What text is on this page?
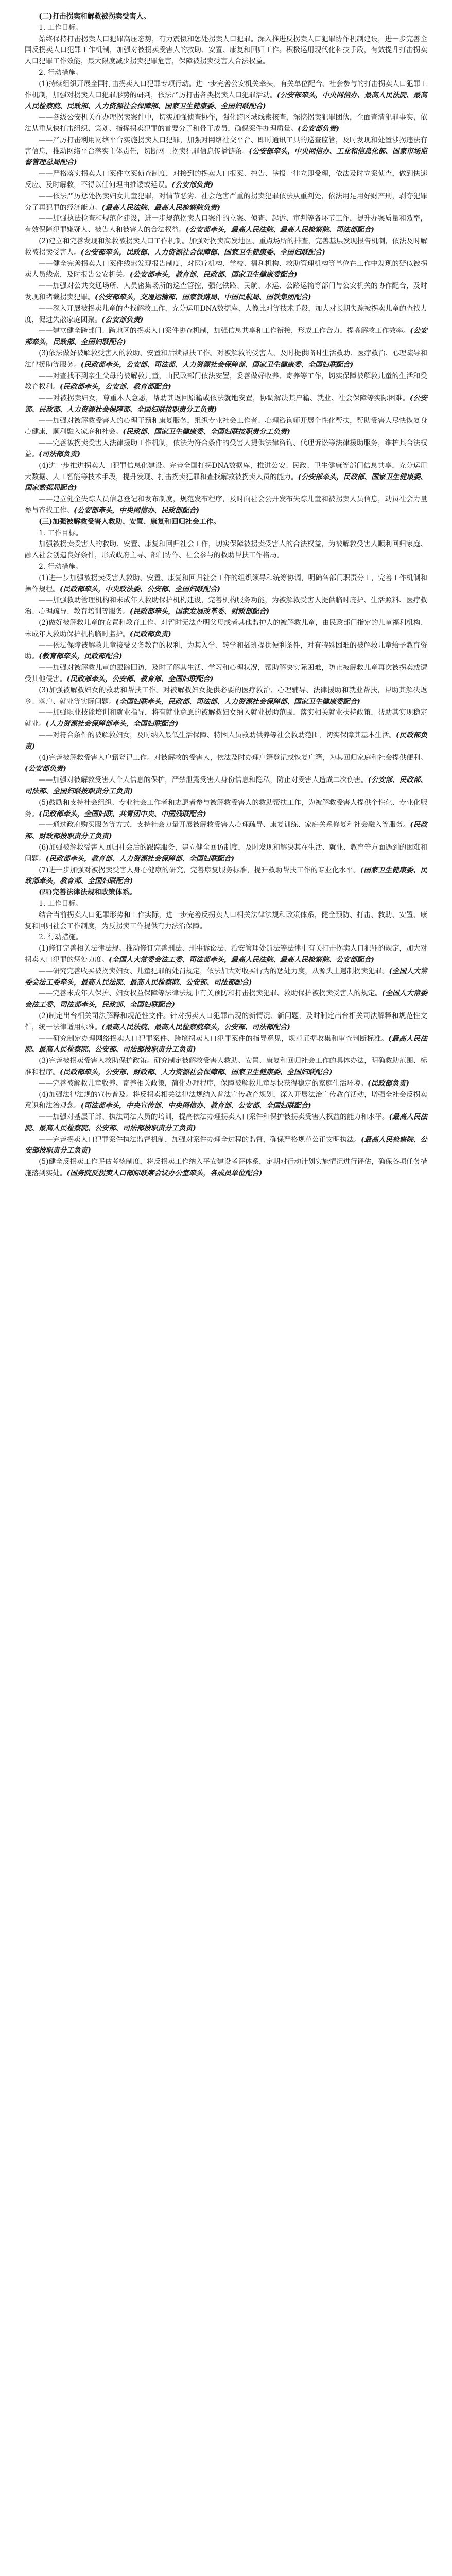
(二)打击拐卖和解救被拐卖受害人。

1. 工作目标。

始终保持打击拐卖人口犯罪高压态势，有力震慑和惩处拐卖人口犯罪。深入推进反拐卖人口犯罪协作机制建设，进一步完善全国反拐卖人口犯罪工作机制，加强对被拐卖受害人的救助、安置、康复和回归工作。积极运用现代化科技手段，有效提升打击拐卖人口犯罪工作效能，最大限度减少拐卖犯罪危害，保障被拐卖受害人合法权益。

2. 行动措施。

(1)持续组织开展全国打击拐卖人口犯罪专项行动。进一步完善公安机关牵头，有关单位配合、社会参与的打击拐卖人口犯罪工作机制，加强对拐卖人口犯罪形势的研判，依法严厉打击各类拐卖人口犯罪活动。(公安部牵头，中央网信办、最高人民法院、最高人民检察院、民政部、人力资源社会保障部、国家卫生健康委、全国妇联配合)

——各级公安机关在办理拐卖案件中，切实加强侦查协作，强化跨区域线索核查，深挖拐卖犯罪团伙，全面查清犯罪事实，依法从重从快打击组织、策划、指挥拐卖犯罪的首要分子和骨干成员，确保案件办理质量。(公安部负责)

——严厉打击利用网络平台实施拐卖人口犯罪，加强对网络社交平台、即时通讯工具的巡查监管，及时发现和处置涉拐违法有害信息，推动网络平台落实主体责任，切断网上拐卖犯罪信息传播链条。(公安部牵头，中央网信办、工业和信息化部、国家市场监督管理总局配合)

——严格落实拐卖人口案件立案侦查制度，对接到的拐卖人口报案、控告、举报一律立即受理，依法及时立案侦查，做到快速反应、及时解救，不得以任何理由推诿或延误。(公安部负责)

——依法严厉惩处拐卖妇女儿童犯罪，对情节恶劣、社会危害严重的拐卖犯罪依法从重判处，依法用足用好财产刑，剥夺犯罪分子再犯罪的经济能力。(最高人民法院、最高人民检察院负责)

——加强执法检查和规范化建设，进一步规范拐卖人口案件的立案、侦查、起诉、审判等各环节工作，提升办案质量和效率，有效保障犯罪嫌疑人、被告人和被害人的合法权益。(公安部牵头，最高人民法院、最高人民检察院、司法部配合)

(2)建立和完善发现和解救被拐卖人口工作机制。加强对拐卖高发地区、重点场所的排查，完善基层发现报告机制，依法及时解救被拐卖受害人。(公安部牵头，民政部、人力资源社会保障部、国家卫生健康委、全国妇联配合)

——健全完善拐卖人口案件线索发现报告制度，对医疗机构、学校、福利机构、救助管理机构等单位在工作中发现的疑似被拐卖人员线索，及时报告公安机关。(公安部牵头，教育部、民政部、国家卫生健康委配合)

——加强对公共交通场所、人员密集场所的巡查管控，强化铁路、民航、水运、公路运输等部门与公安机关的协作配合，及时发现和堵截拐卖犯罪。(公安部牵头，交通运输部、国家铁路局、中国民航局、国铁集团配合)

——深入开展被拐卖儿童的查找解救工作，充分运用DNA数据库、人像比对等技术手段，加大对长期失踪被拐卖儿童的查找力度，促进失散家庭团聚。(公安部负责)

——建立健全跨部门、跨地区的拐卖人口案件协查机制，加强信息共享和工作衔接，形成工作合力，提高解救工作效率。(公安部牵头，民政部、全国妇联配合)

(3)依法做好被解救受害人的救助、安置和后续帮扶工作。对被解救的受害人，及时提供临时生活救助、医疗救治、心理疏导和法律援助等服务。(民政部牵头，公安部、司法部、人力资源社会保障部、国家卫生健康委、全国妇联配合)

——对查找不到亲生父母的被解救儿童，由民政部门依法安置，妥善做好收养、寄养等工作，切实保障被解救儿童的生活和受教育权利。(民政部牵头，公安部、教育部配合)

——对被拐卖妇女，尊重本人意愿，帮助其返回原籍或依法就地安置，协调解决其户籍、就业、社会保障等实际困难。(公安部、民政部、人力资源社会保障部、全国妇联按职责分工负责)

——加强对被解救受害人的心理干预和康复服务，组织专业社会工作者、心理咨询师开展个性化帮扶，帮助受害人尽快恢复身心健康，顺利融入家庭和社会。(民政部、国家卫生健康委、全国妇联按职责分工负责)

——完善被拐卖受害人法律援助工作机制，依法为符合条件的受害人提供法律咨询、代理诉讼等法律援助服务，维护其合法权益。(司法部负责)

(4)进一步推进拐卖人口犯罪信息化建设。完善全国打拐DNA数据库，推进公安、民政、卫生健康等部门信息共享，充分运用大数据、人工智能等技术手段，提升发现、打击拐卖犯罪和查找解救被拐卖人员的能力。(公安部牵头，民政部、国家卫生健康委、国家数据局配合)

——建立健全失踪人员信息登记和发布制度，规范发布程序，及时向社会公开发布失踪儿童和被拐卖人员信息，动员社会力量参与查找工作。(公安部牵头，中央网信办、民政部配合)

(三)加强被解救受害人救助、安置、康复和回归社会工作。

1. 工作目标。

加强被拐卖受害人的救助、安置、康复和回归社会工作，切实保障被拐卖受害人的合法权益，为被解救受害人顺利回归家庭、融入社会创造良好条件，形成政府主导、部门协作、社会参与的救助帮扶工作格局。

2. 行动措施。

(1)进一步加强被拐卖受害人救助、安置、康复和回归社会工作的组织领导和统筹协调，明确各部门职责分工，完善工作机制和操作规程。(民政部牵头，中央政法委、公安部、全国妇联配合)

——加强救助管理机构和未成年人救助保护机构建设，完善机构服务功能，为被解救受害人提供临时庇护、生活照料、医疗救治、心理疏导、教育培训等服务。(民政部牵头，国家发展改革委、财政部配合)

(2)做好被解救儿童的安置和教育工作。对暂时无法查明父母或者其他监护人的被解救儿童，由民政部门指定的儿童福利机构、未成年人救助保护机构临时监护。(民政部负责)

——依法保障被解救儿童接受义务教育的权利，为其入学、转学和插班提供便利条件，对有特殊困难的被解救儿童给予教育资助。(教育部牵头，民政部配合)

——加强对被解救儿童的跟踪回访，及时了解其生活、学习和心理状况，帮助解决实际困难，防止被解救儿童再次被拐卖或遭受其他侵害。(民政部牵头，公安部、教育部、全国妇联配合)

(3)加强被解救妇女的救助和帮扶工作。对被解救妇女提供必要的医疗救治、心理辅导、法律援助和就业帮扶，帮助其解决返乡、落户、就业等实际问题。(全国妇联牵头，民政部、司法部、人力资源社会保障部、国家卫生健康委配合)

——加强职业技能培训和就业指导，将有就业意愿的被解救妇女纳入就业援助范围，落实相关就业扶持政策，帮助其实现稳定就业。(人力资源社会保障部牵头，全国妇联配合)

——对符合条件的被解救妇女，及时纳入最低生活保障、特困人员救助供养等社会救助范围，切实保障其基本生活。(民政部负责)

(4)完善被解救受害人户籍登记工作。对被解救的受害人，依法及时办理户籍登记或恢复户籍，为其回归家庭和社会提供便利。(公安部负责)

——加强对被解救受害人个人信息的保护，严禁泄露受害人身份信息和隐私，防止对受害人造成二次伤害。(公安部、民政部、司法部、全国妇联按职责分工负责)

(5)鼓励和支持社会组织、专业社会工作者和志愿者参与被解救受害人的救助帮扶工作，为被解救受害人提供个性化、专业化服务。(民政部牵头，全国妇联、共青团中央、中国残联配合)

——通过政府购买服务等方式，支持社会力量开展被解救受害人心理疏导、康复训练、家庭关系修复和社会融入等服务。(民政部、财政部按职责分工负责)

(6)加强被解救受害人回归社会后的跟踪服务，建立健全回访制度，及时发现和解决其在生活、就业、教育等方面遇到的困难和问题。(民政部牵头，教育部、人力资源社会保障部、全国妇联配合)

(7)进一步加强对被拐卖受害人身心健康的研究，完善康复服务标准，提升救助帮扶工作的专业化水平。(国家卫生健康委、民政部牵头，教育部、全国妇联配合)

(四)完善法律法规和政策体系。

1. 工作目标。

结合当前拐卖人口犯罪形势和工作实际，进一步完善反拐卖人口相关法律法规和政策体系，健全预防、打击、救助、安置、康复和回归社会工作制度，为反拐卖工作提供有力法治保障。

2. 行动措施。

(1)修订完善相关法律法规。推动修订完善刑法、刑事诉讼法、治安管理处罚法等法律中有关打击拐卖人口犯罪的规定，加大对拐卖人口犯罪的惩处力度。(全国人大常委会法工委、司法部牵头，最高人民法院、最高人民检察院、公安部配合)

——研究完善收买被拐卖妇女、儿童犯罪的处罚规定，依法加大对收买行为的惩处力度，从源头上遏制拐卖犯罪。(全国人大常委会法工委牵头，最高人民法院、最高人民检察院、公安部、司法部配合)

——完善未成年人保护、妇女权益保障等法律法规中有关预防和打击拐卖犯罪、救助保护被拐卖受害人的规定。(全国人大常委会法工委、司法部牵头，民政部、全国妇联配合)

(2)制定出台相关司法解释和规范性文件。针对拐卖人口犯罪出现的新情况、新问题，及时制定出台相关司法解释和规范性文件，统一法律适用标准。(最高人民法院、最高人民检察院牵头，公安部、司法部配合)

——研究制定办理网络拐卖人口犯罪案件、跨境拐卖人口犯罪案件的指导意见，规范证据收集和审查判断标准。(最高人民法院、最高人民检察院、公安部、司法部按职责分工负责)

(3)完善被拐卖受害人救助保护政策。研究制定被解救受害人救助、安置、康复和回归社会工作的具体办法，明确救助范围、标准和程序。(民政部牵头，公安部、财政部、人力资源社会保障部、国家卫生健康委、全国妇联配合)

——完善被解救儿童收养、寄养相关政策，简化办理程序，保障被解救儿童尽快获得稳定的家庭生活环境。(民政部负责)

(4)加强法律法规的宣传普及。将反拐卖相关法律法规纳入普法宣传教育规划，深入开展法治宣传教育活动，增强全社会反拐卖意识和法治观念。(司法部牵头，中央宣传部、中央网信办、教育部、公安部、全国妇联配合)

——加强对基层干部、执法司法人员的培训，提高依法办理拐卖人口案件和保护被拐卖受害人权益的能力和水平。(最高人民法院、最高人民检察院、公安部、司法部按职责分工负责)

——完善拐卖人口犯罪案件执法监督机制，加强对案件办理全过程的监督，确保严格规范公正文明执法。(最高人民检察院、公安部按职责分工负责)

(5)健全反拐卖工作评估考核制度，将反拐卖工作纳入平安建设考评体系，定期对行动计划实施情况进行评估，确保各项任务措施落到实处。(国务院反拐卖人口部际联席会议办公室牵头，各成员单位配合)
